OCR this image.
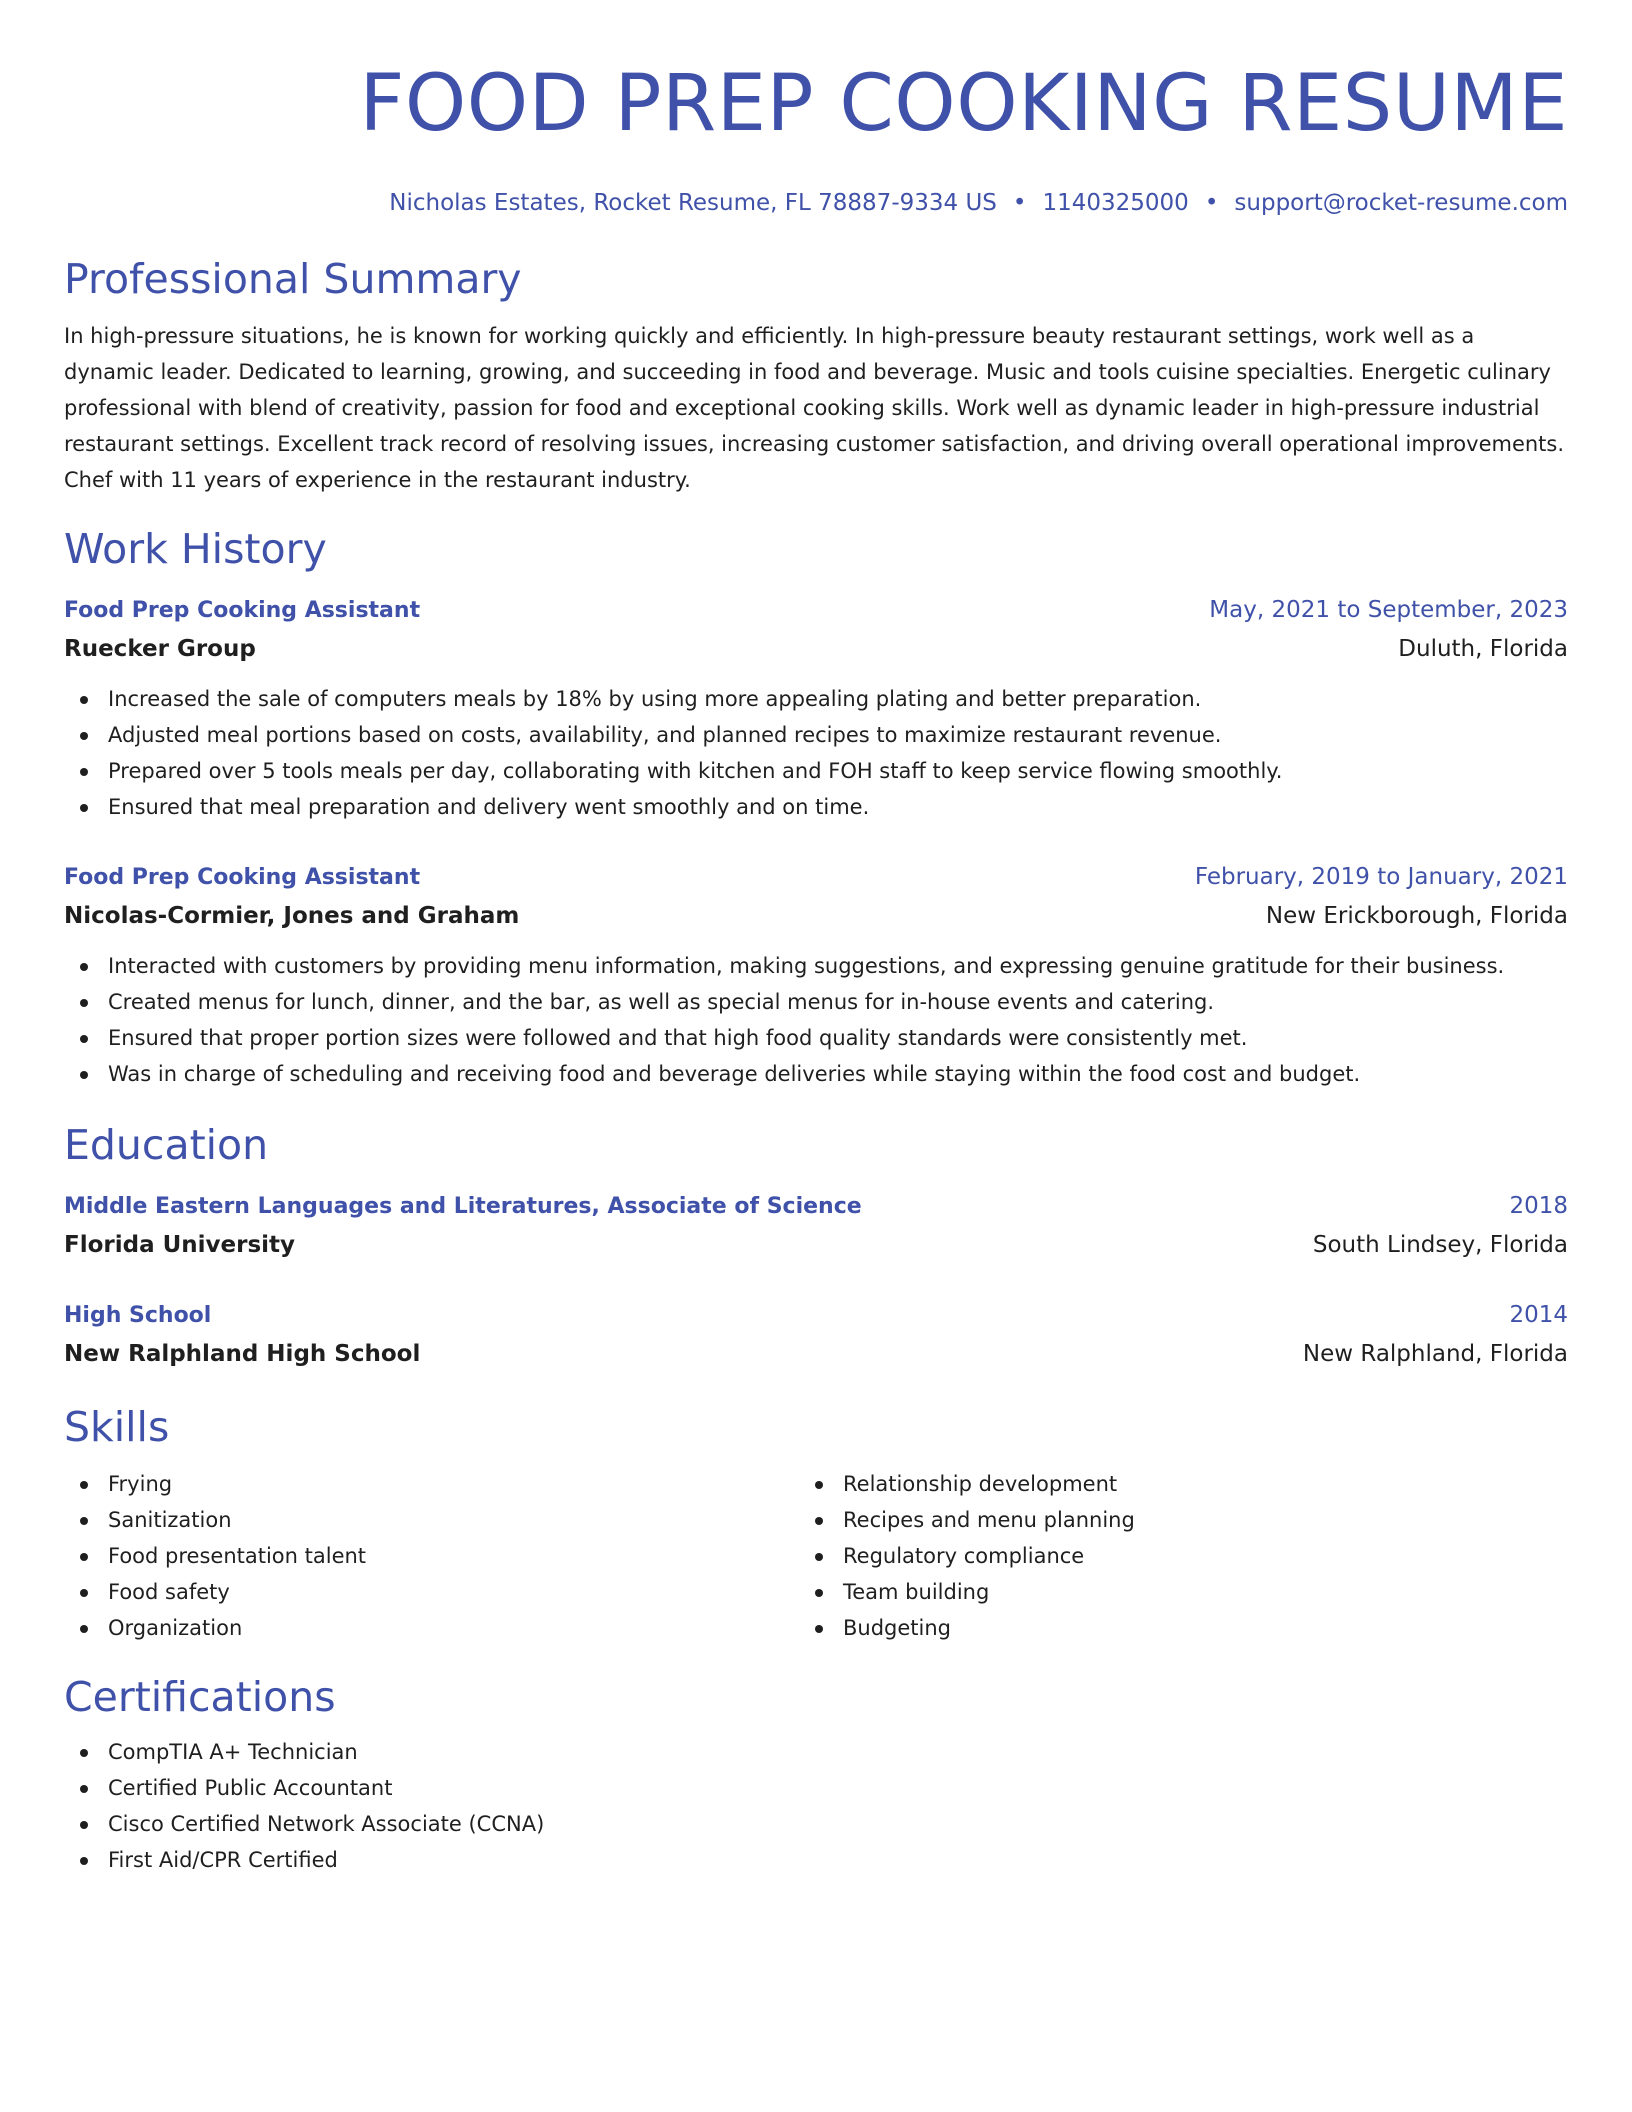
FOOD PREP COOKING RESUME
Nicholas Estates, Rocket Resume, FL 78887-9334 US • 1140325000 • support@rocket-resume.com
Professional Summary

In high-pressure situations, he is known for working quickly and efficiently. In high-pressure beauty restaurant settings, work well as a dynamic leader. Dedicated to learning, growing, and succeeding in food and beverage. Music and tools cuisine specialties. Energetic culinary professional with blend of creativity, passion for food and exceptional cooking skills. Work well as dynamic leader in high-pressure industrial restaurant settings. Excellent track record of resolving issues, increasing customer satisfaction, and driving overall operational improvements. Chef with 11 years of experience in the restaurant industry.

Work History
Food Prep Cooking Assistant	May, 2021 to September, 2023
Ruecker Group	Duluth, Florida
Increased the sale of computers meals by 18% by using more appealing plating and better preparation.
Adjusted meal portions based on costs, availability, and planned recipes to maximize restaurant revenue.
Prepared over 5 tools meals per day, collaborating with kitchen and FOH staff to keep service flowing smoothly.
Ensured that meal preparation and delivery went smoothly and on time.
Food Prep Cooking Assistant	February, 2019 to January, 2021
Nicolas-Cormier, Jones and Graham	New Erickborough, Florida
Interacted with customers by providing menu information, making suggestions, and expressing genuine gratitude for their business.
Created menus for lunch, dinner, and the bar, as well as special menus for in-house events and catering.
Ensured that proper portion sizes were followed and that high food quality standards were consistently met.
Was in charge of scheduling and receiving food and beverage deliveries while staying within the food cost and budget.
Education
Middle Eastern Languages and Literatures, Associate of Science	2018
Florida University	South Lindsey, Florida
High School	2014
New Ralphland High School	New Ralphland, Florida
Skills
Frying
Sanitization
Food presentation talent
Food safety
Organization
Relationship development
Recipes and menu planning
Regulatory compliance
Team building
Budgeting
Certifications
CompTIA A+ Technician
Certified Public Accountant
Cisco Certified Network Associate (CCNA)
First Aid/CPR Certified
